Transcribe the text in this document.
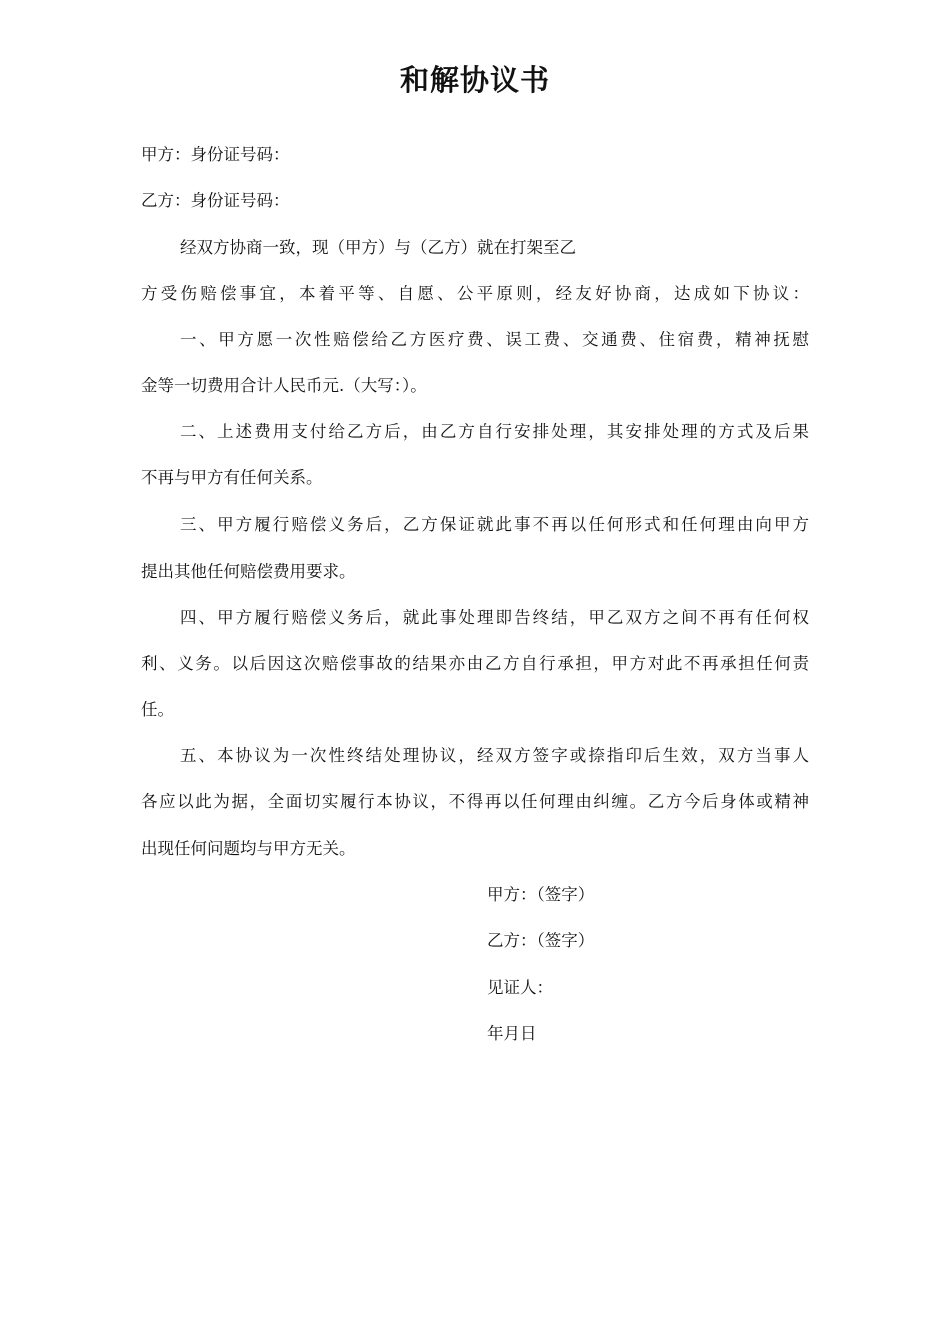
和解协议书
甲方：身份证号码：
乙方：身份证号码：
经双方协商一致，现（甲方）与（乙方）就在打架至乙
方受伤赔偿事宜，本着平等、自愿、公平原则，经友好协商，达成如下协议：
一、甲方愿一次性赔偿给乙方医疗费、误工费、交通费、住宿费，精神抚慰
金等一切费用合计人民币元.（大写：）。
二、上述费用支付给乙方后，由乙方自行安排处理，其安排处理的方式及后果
不再与甲方有任何关系。
三、甲方履行赔偿义务后，乙方保证就此事不再以任何形式和任何理由向甲方
提出其他任何赔偿费用要求。
四、甲方履行赔偿义务后，就此事处理即告终结，甲乙双方之间不再有任何权
利、义务。以后因这次赔偿事故的结果亦由乙方自行承担，甲方对此不再承担任何责
任。
五、本协议为一次性终结处理协议，经双方签字或捺指印后生效，双方当事人
各应以此为据，全面切实履行本协议，不得再以任何理由纠缠。乙方今后身体或精神
出现任何问题均与甲方无关。
甲方：（签字）
乙方：（签字）
见证人：
年月日
